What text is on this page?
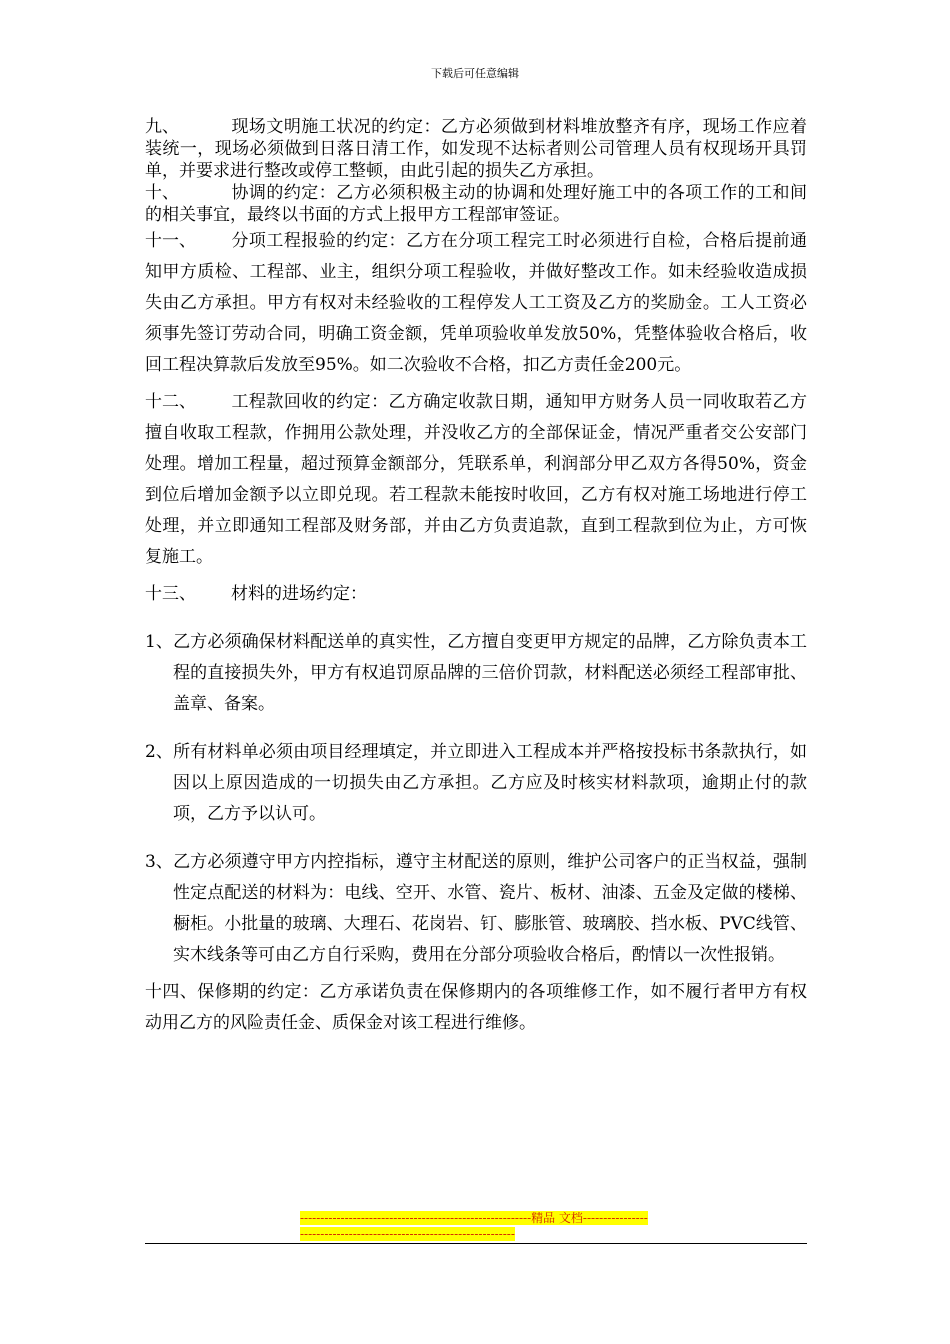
下载后可任意编辑

九、	现场文明施工状况的约定：乙方必须做到材料堆放整齐有序，现场工作应着装统一，现场必须做到日落日清工作，如发现不达标者则公司管理人员有权现场开具罚单，并要求进行整改或停工整顿，由此引起的损失乙方承担。

十、	协调的约定：乙方必须积极主动的协调和处理好施工中的各项工作的工和间的相关事宜，最终以书面的方式上报甲方工程部审签证。

十一、 分项工程报验的约定：乙方在分项工程完工时必须进行自检，合格后提前通知甲方质检、工程部、业主，组织分项工程验收，并做好整改工作。如未经验收造成损失由乙方承担。甲方有权对未经验收的工程停发人工工资及乙方的奖励金。工人工资必须事先签订劳动合同，明确工资金额，凭单项验收单发放50%，凭整体验收合格后，收回工程决算款后发放至95%。如二次验收不合格，扣乙方责任金200元。

十二、 工程款回收的约定：乙方确定收款日期，通知甲方财务人员一同收取若乙方擅自收取工程款，作拥用公款处理，并没收乙方的全部保证金，情况严重者交公安部门处理。增加工程量，超过预算金额部分，凭联系单，利润部分甲乙双方各得50%，资金到位后增加金额予以立即兑现。若工程款未能按时收回，乙方有权对施工场地进行停工处理，并立即通知工程部及财务部，并由乙方负责追款，直到工程款到位为止，方可恢复施工。

十三、 材料的进场约定：

1、乙方必须确保材料配送单的真实性，乙方擅自变更甲方规定的品牌，乙方除负责本工程的直接损失外，甲方有权追罚原品牌的三倍价罚款，材料配送必须经工程部审批、盖章、备案。

2、所有材料单必须由项目经理填定，并立即进入工程成本并严格按投标书条款执行，如因以上原因造成的一切损失由乙方承担。乙方应及时核实材料款项，逾期止付的款项，乙方予以认可。

3、乙方必须遵守甲方内控指标，遵守主材配送的原则，维护公司客户的正当权益，强制性定点配送的材料为：电线、空开、水管、瓷片、板材、油漆、五金及定做的楼梯、橱柜。小批量的玻璃、大理石、花岗岩、钉、膨胀管、玻璃胶、挡水板、PVC线管、实木线条等可由乙方自行采购，费用在分部分项验收合格后，酌情以一次性报销。

十四、保修期的约定：乙方承诺负责在保修期内的各项维修工作，如不履行者甲方有权动用乙方的风险责任金、质保金对该工程进行维修。

---------------------------------------------------------精品 文档---------------------------------------------------------------------
